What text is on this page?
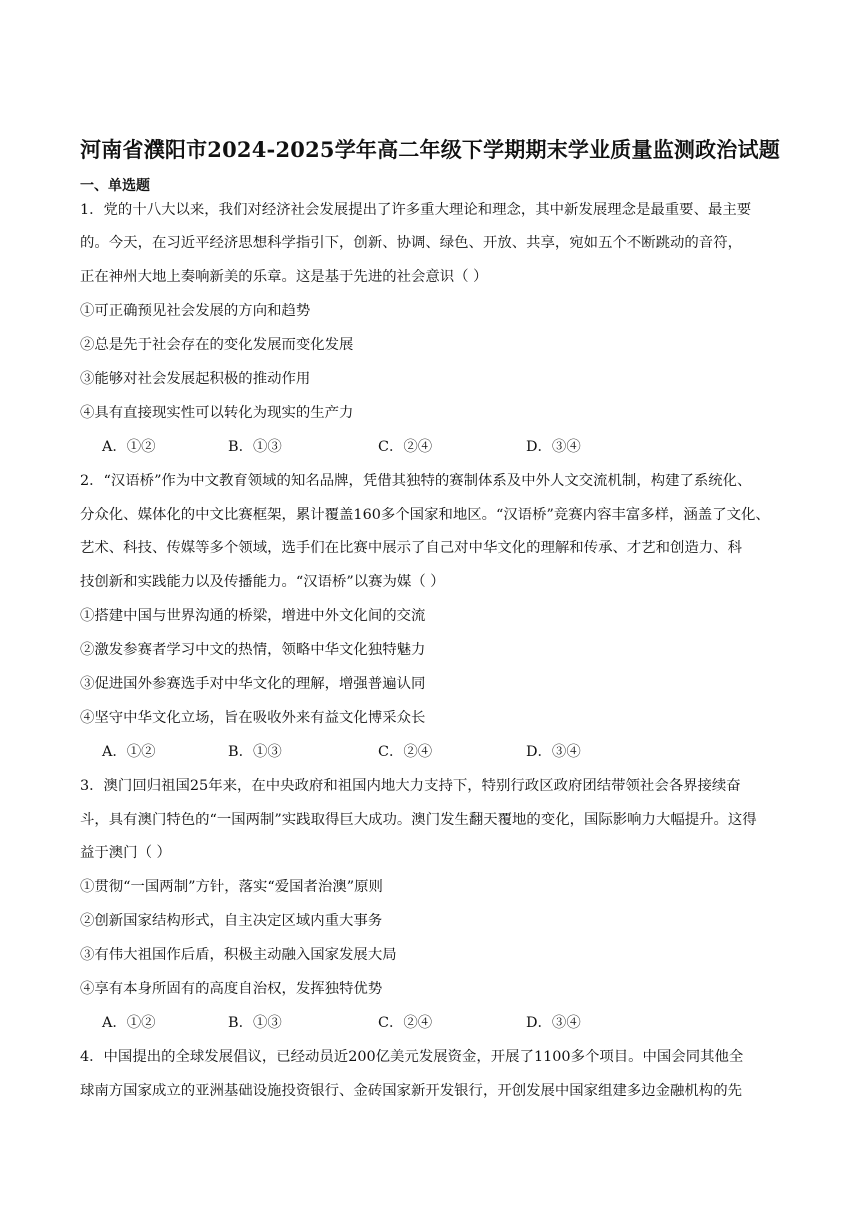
河南省濮阳市2024-2025学年高二年级下学期期末学业质量监测政治试题
一、单选题
1．党的十八大以来，我们对经济社会发展提出了许多重大理论和理念，其中新发展理念是最重要、最主要
的。今天，在习近平经济思想科学指引下，创新、协调、绿色、开放、共享，宛如五个不断跳动的音符，
正在神州大地上奏响新美的乐章。这是基于先进的社会意识（ ）
①可正确预见社会发展的方向和趋势
②总是先于社会存在的变化发展而变化发展
③能够对社会发展起积极的推动作用
④具有直接现实性可以转化为现实的生产力
A．①②	B．①③	C．②④	D．③④
2．“汉语桥”作为中文教育领域的知名品牌，凭借其独特的赛制体系及中外人文交流机制，构建了系统化、
分众化、媒体化的中文比赛框架，累计覆盖160多个国家和地区。“汉语桥”竞赛内容丰富多样，涵盖了文化、
艺术、科技、传媒等多个领域，选手们在比赛中展示了自己对中华文化的理解和传承、才艺和创造力、科
技创新和实践能力以及传播能力。“汉语桥”以赛为媒（ ）
①搭建中国与世界沟通的桥梁，增进中外文化间的交流
②激发参赛者学习中文的热情，领略中华文化独特魅力
③促进国外参赛选手对中华文化的理解，增强普遍认同
④坚守中华文化立场，旨在吸收外来有益文化博采众长
A．①②	B．①③	C．②④	D．③④
3．澳门回归祖国25年来，在中央政府和祖国内地大力支持下，特别行政区政府团结带领社会各界接续奋
斗，具有澳门特色的“一国两制”实践取得巨大成功。澳门发生翻天覆地的变化，国际影响力大幅提升。这得
益于澳门（ ）
①贯彻“一国两制”方针，落实“爱国者治澳”原则
②创新国家结构形式，自主决定区域内重大事务
③有伟大祖国作后盾，积极主动融入国家发展大局
④享有本身所固有的高度自治权，发挥独特优势
A．①②	B．①③	C．②④	D．③④
4．中国提出的全球发展倡议，已经动员近200亿美元发展资金，开展了1100多个项目。中国会同其他全
球南方国家成立的亚洲基础设施投资银行、金砖国家新开发银行，开创发展中国家组建多边金融机构的先
